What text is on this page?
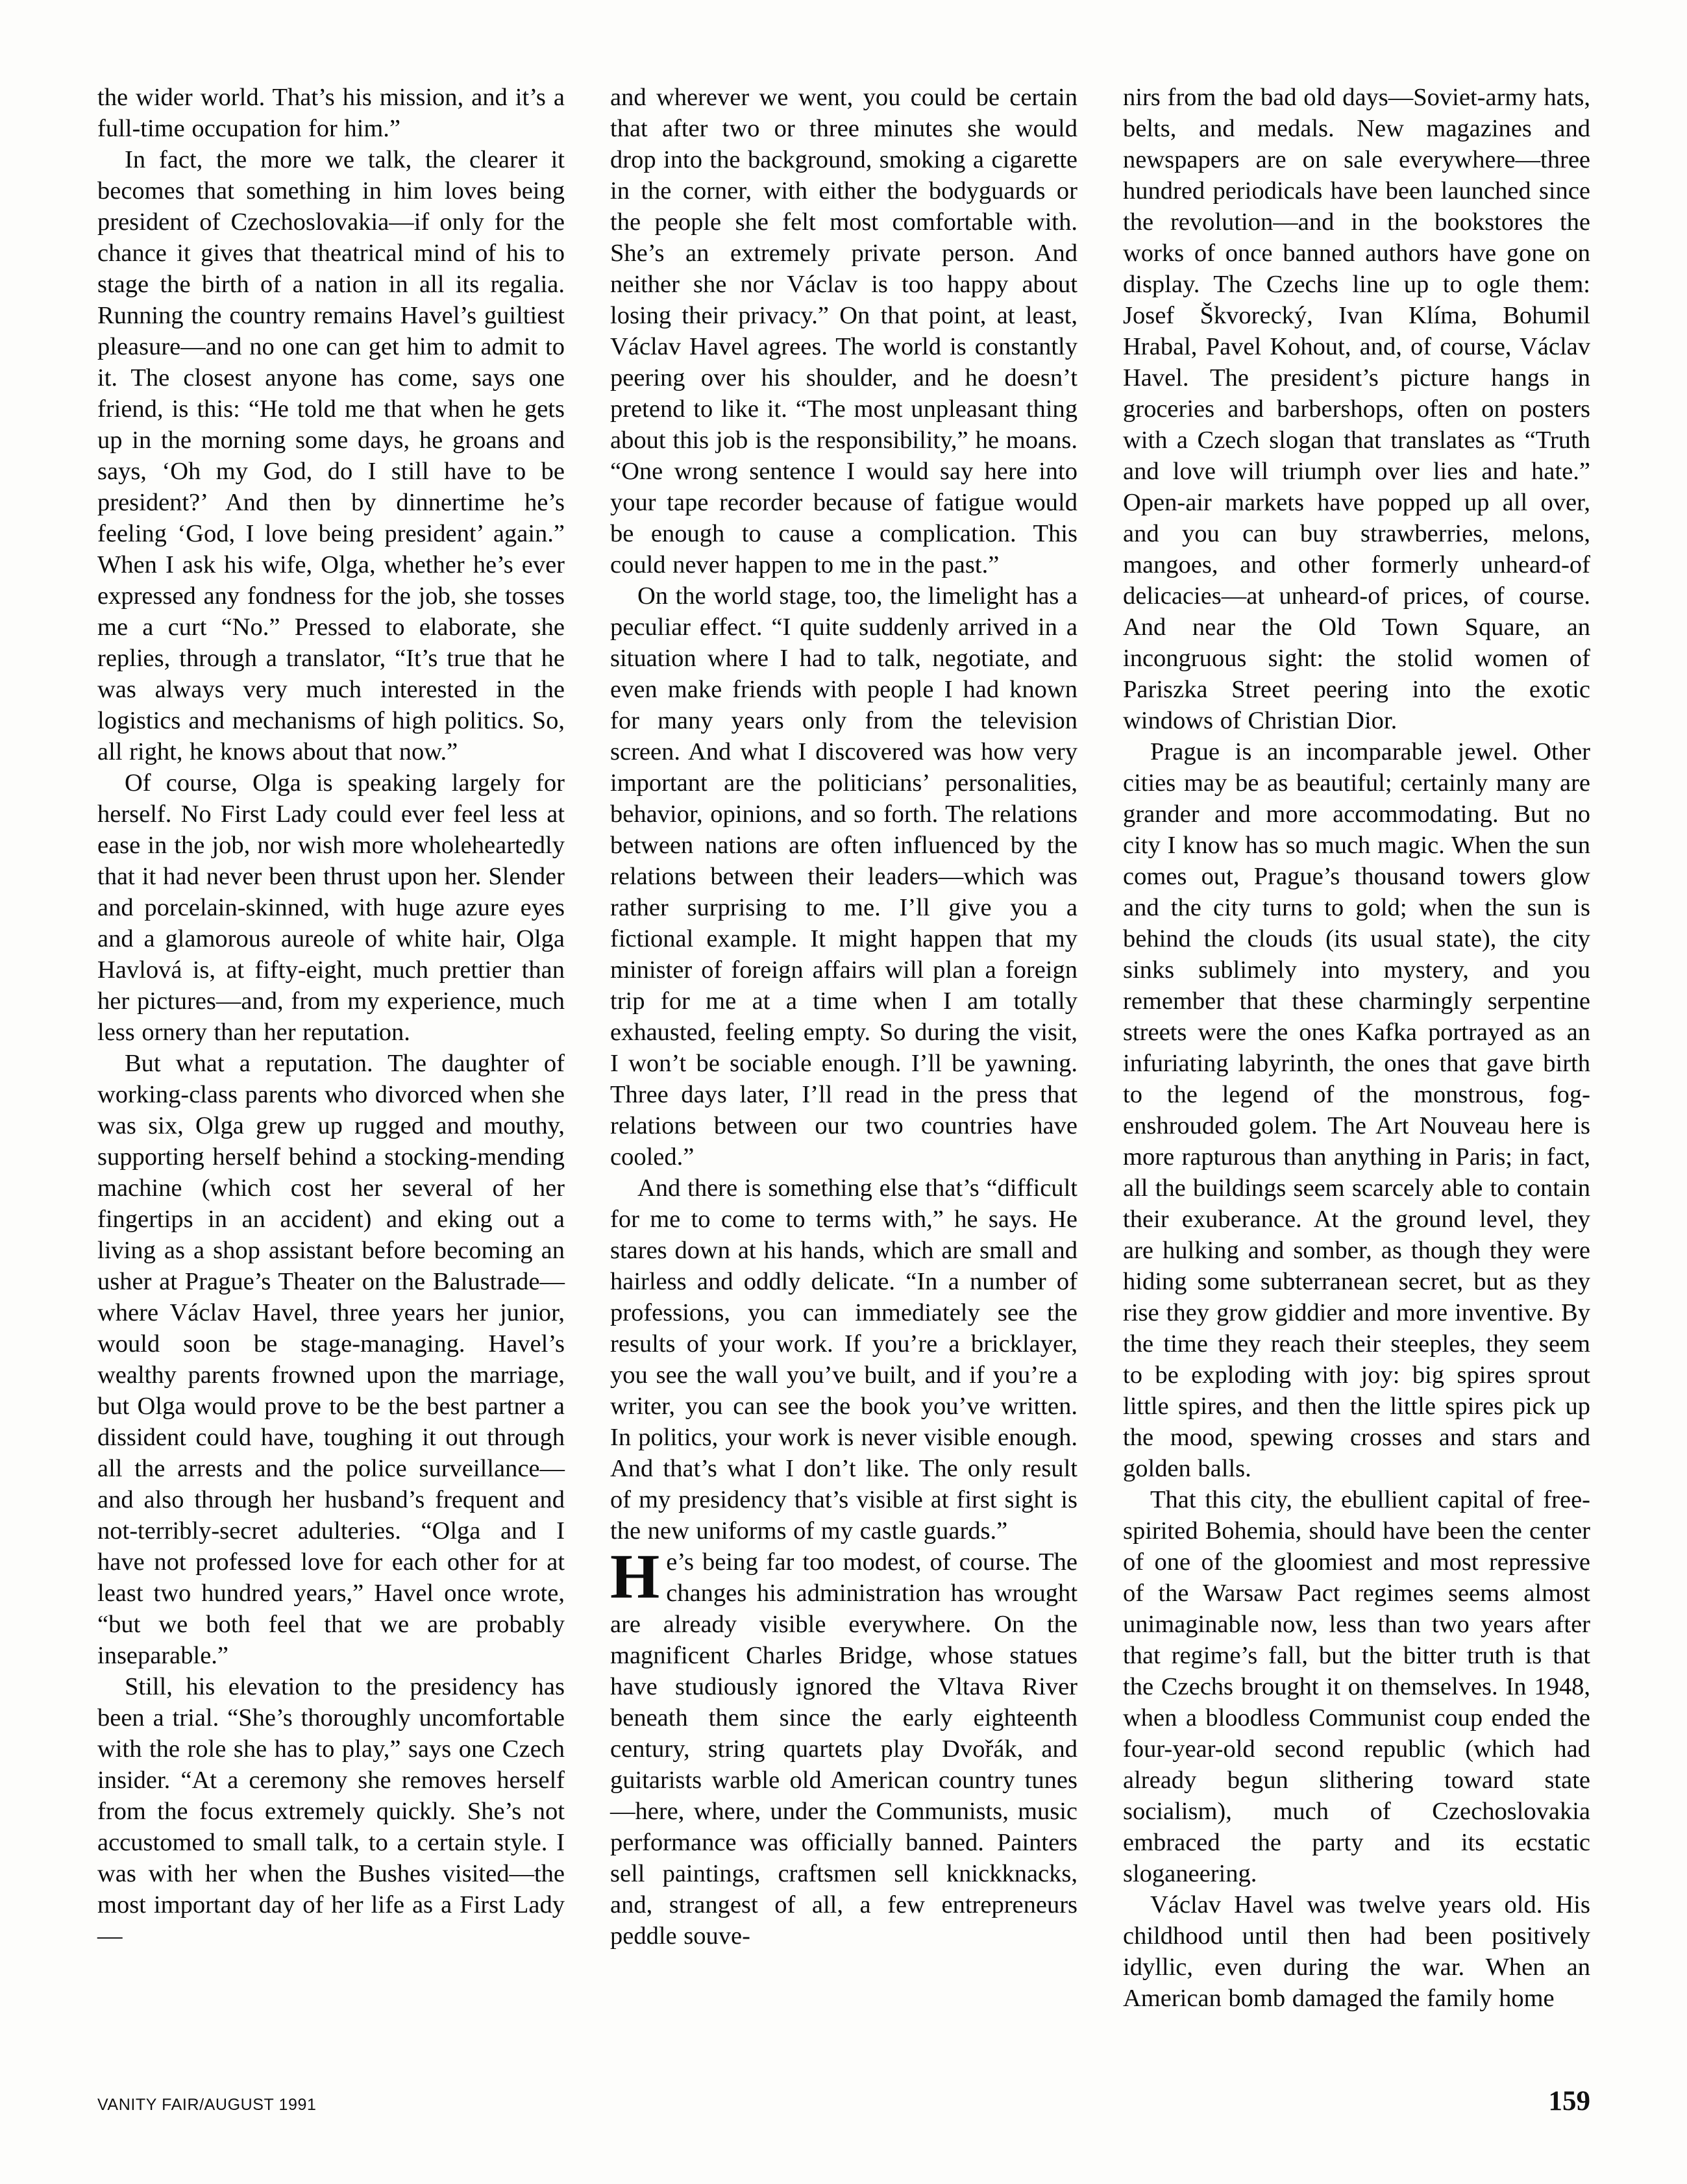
the wider world. That’s his mission, and it’s a full-time occupation for him.”

In fact, the more we talk, the clearer it becomes that something in him loves being president of Czechoslovakia—if only for the chance it gives that theatrical mind of his to stage the birth of a nation in all its regalia. Running the country remains Havel’s guiltiest pleasure—and no one can get him to admit to it. The closest anyone has come, says one friend, is this: “He told me that when he gets up in the morning some days, he groans and says, ‘Oh my God, do I still have to be president?’ And then by dinnertime he’s feeling ‘God, I love being president’ again.” When I ask his wife, Olga, whether he’s ever expressed any fondness for the job, she tosses me a curt “No.” Pressed to elaborate, she replies, through a translator, “It’s true that he was always very much interested in the logistics and mechanisms of high politics. So, all right, he knows about that now.”

Of course, Olga is speaking largely for herself. No First Lady could ever feel less at ease in the job, nor wish more wholeheartedly that it had never been thrust upon her. Slender and porcelain-skinned, with huge azure eyes and a glamorous aureole of white hair, Olga Havlová is, at fifty-eight, much prettier than her pictures—and, from my experience, much less ornery than her reputation.

But what a reputation. The daughter of working-class parents who divorced when she was six, Olga grew up rugged and mouthy, supporting herself behind a stocking-mending machine (which cost her several of her fingertips in an accident) and eking out a living as a shop assistant before becoming an usher at Prague’s Theater on the Balustrade—where Václav Havel, three years her junior, would soon be stage-managing. Havel’s wealthy parents frowned upon the marriage, but Olga would prove to be the best partner a dissident could have, toughing it out through all the arrests and the police surveillance—and also through her husband’s frequent and not-terribly-secret adulteries. “Olga and I have not professed love for each other for at least two hundred years,” Havel once wrote, “but we both feel that we are probably inseparable.”

Still, his elevation to the presidency has been a trial. “She’s thoroughly uncomfortable with the role she has to play,” says one Czech insider. “At a ceremony she removes herself from the focus extremely quickly. She’s not accustomed to small talk, to a certain style. I was with her when the Bushes visited—the most important day of her life as a First Lady—

and wherever we went, you could be certain that after two or three minutes she would drop into the background, smoking a cigarette in the corner, with either the bodyguards or the people she felt most comfortable with. She’s an extremely private person. And neither she nor Václav is too happy about losing their privacy.” On that point, at least, Václav Havel agrees. The world is constantly peering over his shoulder, and he doesn’t pretend to like it. “The most unpleasant thing about this job is the responsibility,” he moans. “One wrong sentence I would say here into your tape recorder because of fatigue would be enough to cause a complication. This could never happen to me in the past.”

On the world stage, too, the limelight has a peculiar effect. “I quite suddenly arrived in a situation where I had to talk, negotiate, and even make friends with people I had known for many years only from the television screen. And what I discovered was how very important are the politicians’ personalities, behavior, opinions, and so forth. The relations between nations are often influenced by the relations between their leaders—which was rather surprising to me. I’ll give you a fictional example. It might happen that my minister of foreign affairs will plan a foreign trip for me at a time when I am totally exhausted, feeling empty. So during the visit, I won’t be sociable enough. I’ll be yawning. Three days later, I’ll read in the press that relations between our two countries have cooled.”

And there is something else that’s “difficult for me to come to terms with,” he says. He stares down at his hands, which are small and hairless and oddly delicate. “In a number of professions, you can immediately see the results of your work. If you’re a bricklayer, you see the wall you’ve built, and if you’re a writer, you can see the book you’ve written. In politics, your work is never visible enough. And that’s what I don’t like. The only result of my presidency that’s visible at first sight is the new uniforms of my castle guards.”

He’s being far too modest, of course. The changes his administration has wrought are already visible everywhere. On the magnificent Charles Bridge, whose statues have studiously ignored the Vltava River beneath them since the early eighteenth century, string quartets play Dvořák, and guitarists warble old American country tunes—here, where, under the Communists, music performance was officially banned. Painters sell paintings, craftsmen sell knickknacks, and, strangest of all, a few entrepreneurs peddle souve-

nirs from the bad old days—Soviet-army hats, belts, and medals. New magazines and newspapers are on sale everywhere—three hundred periodicals have been launched since the revolution—and in the bookstores the works of once banned authors have gone on display. The Czechs line up to ogle them: Josef Škvorecký, Ivan Klíma, Bohumil Hrabal, Pavel Kohout, and, of course, Václav Havel. The president’s picture hangs in groceries and barbershops, often on posters with a Czech slogan that translates as “Truth and love will triumph over lies and hate.” Open-air markets have popped up all over, and you can buy strawberries, melons, mangoes, and other formerly unheard-of delicacies—at unheard-of prices, of course. And near the Old Town Square, an incongruous sight: the stolid women of Pariszka Street peering into the exotic windows of Christian Dior.

Prague is an incomparable jewel. Other cities may be as beautiful; certainly many are grander and more accommodating. But no city I know has so much magic. When the sun comes out, Prague’s thousand towers glow and the city turns to gold; when the sun is behind the clouds (its usual state), the city sinks sublimely into mystery, and you remember that these charmingly serpentine streets were the ones Kafka portrayed as an infuriating labyrinth, the ones that gave birth to the legend of the monstrous, fog-enshrouded golem. The Art Nouveau here is more rapturous than anything in Paris; in fact, all the buildings seem scarcely able to contain their exuberance. At the ground level, they are hulking and somber, as though they were hiding some subterranean secret, but as they rise they grow giddier and more inventive. By the time they reach their steeples, they seem to be exploding with joy: big spires sprout little spires, and then the little spires pick up the mood, spewing crosses and stars and golden balls.

That this city, the ebullient capital of free-spirited Bohemia, should have been the center of one of the gloomiest and most repressive of the Warsaw Pact regimes seems almost unimaginable now, less than two years after that regime’s fall, but the bitter truth is that the Czechs brought it on themselves. In 1948, when a bloodless Communist coup ended the four-year-old second republic (which had already begun slithering toward state socialism), much of Czechoslovakia embraced the party and its ecstatic sloganeering.

Václav Havel was twelve years old. His childhood until then had been positively idyllic, even during the war. When an American bomb damaged the family home

VANITY FAIR/AUGUST 1991	159
